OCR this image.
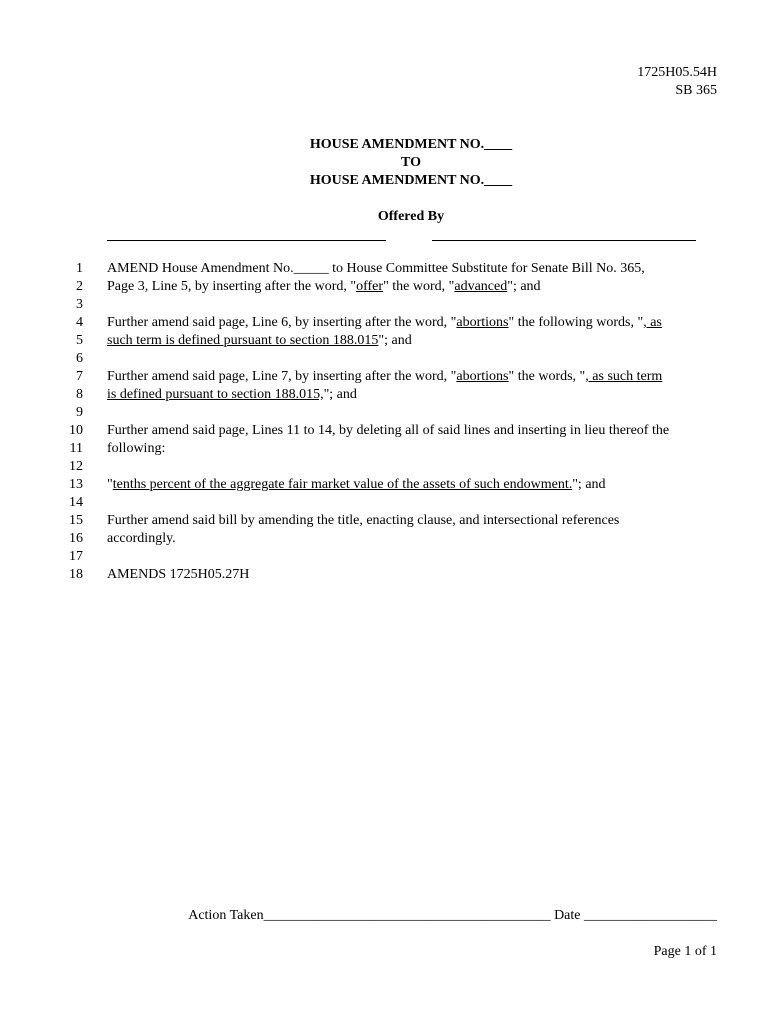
1725H05.54H
SB 365
HOUSE AMENDMENT NO.____
TO
HOUSE AMENDMENT NO.____
Offered By
1
2
3
4
5
6
7
8
9
10
11
12
13
14
15
16
17
18
AMEND House Amendment No._____ to House Committee Substitute for Senate Bill No. 365,
Page 3, Line 5, by inserting after the word, "offer" the word, "advanced"; and
Further amend said page, Line 6, by inserting after the word, "abortions" the following words, ", as
such term is defined pursuant to section 188.015"; and
Further amend said page, Line 7, by inserting after the word, "abortions" the words, ", as such term
is defined pursuant to section 188.015,"; and
Further amend said page, Lines 11 to 14, by deleting all of said lines and inserting in lieu thereof the
following:
"tenths percent of the aggregate fair market value of the assets of such endowment."; and
Further amend said bill by amending the title, enacting clause, and intersectional references
accordingly.
AMENDS 1725H05.27H
Action Taken_________________________________________ Date ___________________
Page 1 of 1
